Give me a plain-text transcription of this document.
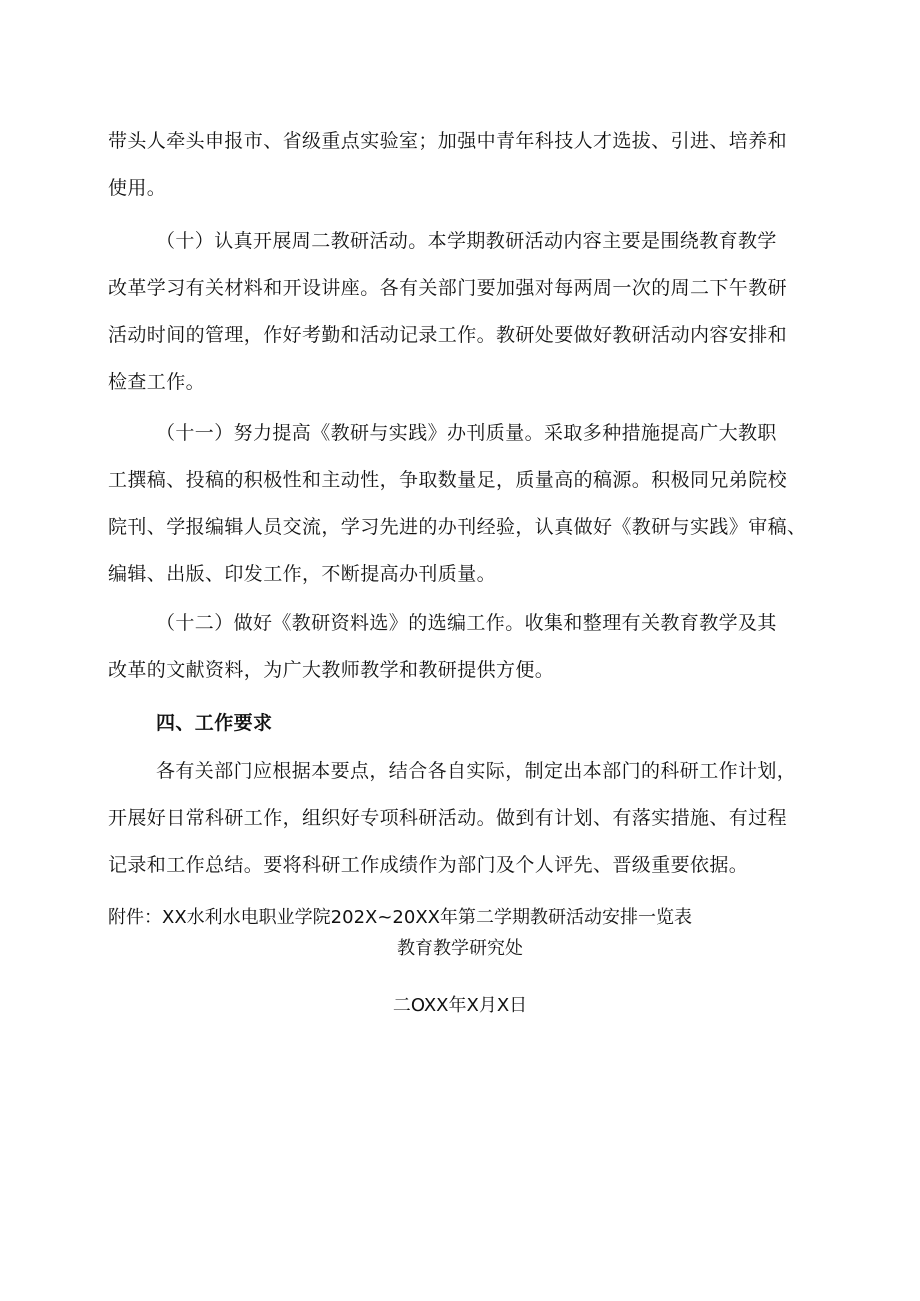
带头人牵头申报市、省级重点实验室；加强中青年科技人才选拔、引进、培养和
使用。
（十）认真开展周二教研活动。本学期教研活动内容主要是围绕教育教学
改革学习有关材料和开设讲座。各有关部门要加强对每两周一次的周二下午教研
活动时间的管理，作好考勤和活动记录工作。教研处要做好教研活动内容安排和
检查工作。
（十一）努力提高《教研与实践》办刊质量。采取多种措施提高广大教职
工撰稿、投稿的积极性和主动性，争取数量足，质量高的稿源。积极同兄弟院校
院刊、学报编辑人员交流，学习先进的办刊经验，认真做好《教研与实践》审稿、
编辑、出版、印发工作，不断提高办刊质量。
（十二）做好《教研资料选》的选编工作。收集和整理有关教育教学及其
改革的文献资料，为广大教师教学和教研提供方便。
四、工作要求
各有关部门应根据本要点，结合各自实际，制定出本部门的科研工作计划，
开展好日常科研工作，组织好专项科研活动。做到有计划、有落实措施、有过程
记录和工作总结。要将科研工作成绩作为部门及个人评先、晋级重要依据。
附件：XX水利水电职业学院202X~20XX年第二学期教研活动安排一览表
教育教学研究处
二OXX年X月X日
